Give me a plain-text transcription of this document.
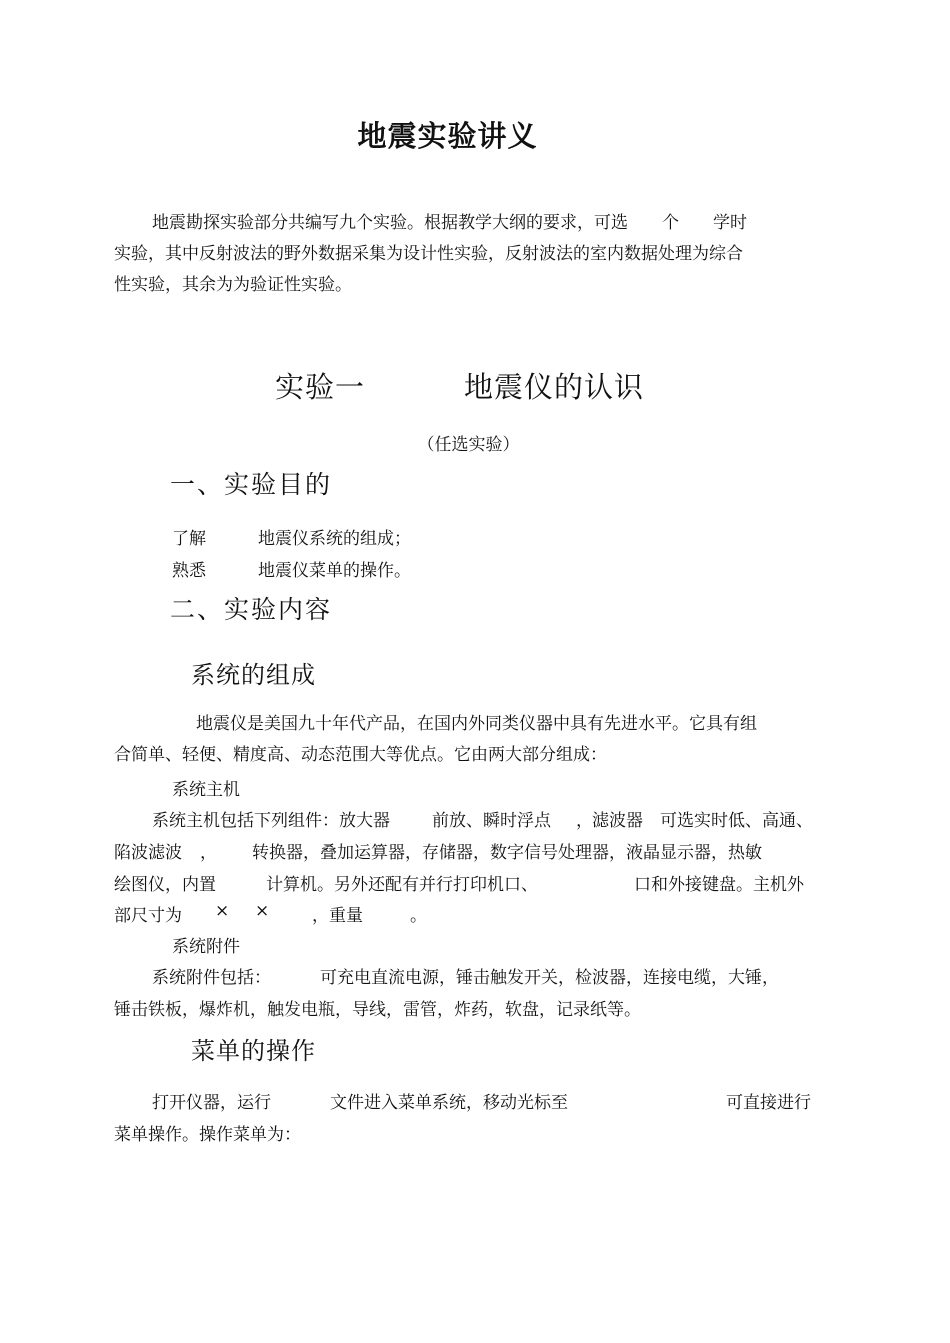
地震实验讲义

地震勘探实验部分共编写九个实验。根据教学大纲的要求，可选　　个　　学时

实验，其中反射波法的野外数据采集为设计性实验，反射波法的室内数据处理为综合

性实验，其余为为验证性实验。

实验一	地震仪的认识
（任选实验）
一、实验目的
了解	地震仪系统的组成；
熟悉	地震仪菜单的操作。
二、实验内容
系统的组成

地震仪是美国九十年代产品，在国内外同类仪器中具有先进水平。它具有组

合简单、轻便、精度高、动态范围大等优点。它由两大部分组成：

系统主机
系统主机包括下列组件：放大器 前放、瞬时浮点 ， 滤波器 可选实时低、高通、
陷波滤波 ， 转换器，叠加运算器，存储器，数字信号处理器，液晶显示器，热敏
绘图仪，内置	计算机。另外还配有并行打印机口、	口和外接键盘。主机外
部尺寸为 × ×	，重量	。
系统附件
系统附件包括：	可充电直流电源，锤击触发开关，检波器，连接电缆，大锤，
锤击铁板，爆炸机，触发电瓶，导线，雷管，炸药，软盘，记录纸等。
菜单的操作
打开仪器，运行	文件进入菜单系统，移动光标至	可直接进行
菜单操作。操作菜单为：
